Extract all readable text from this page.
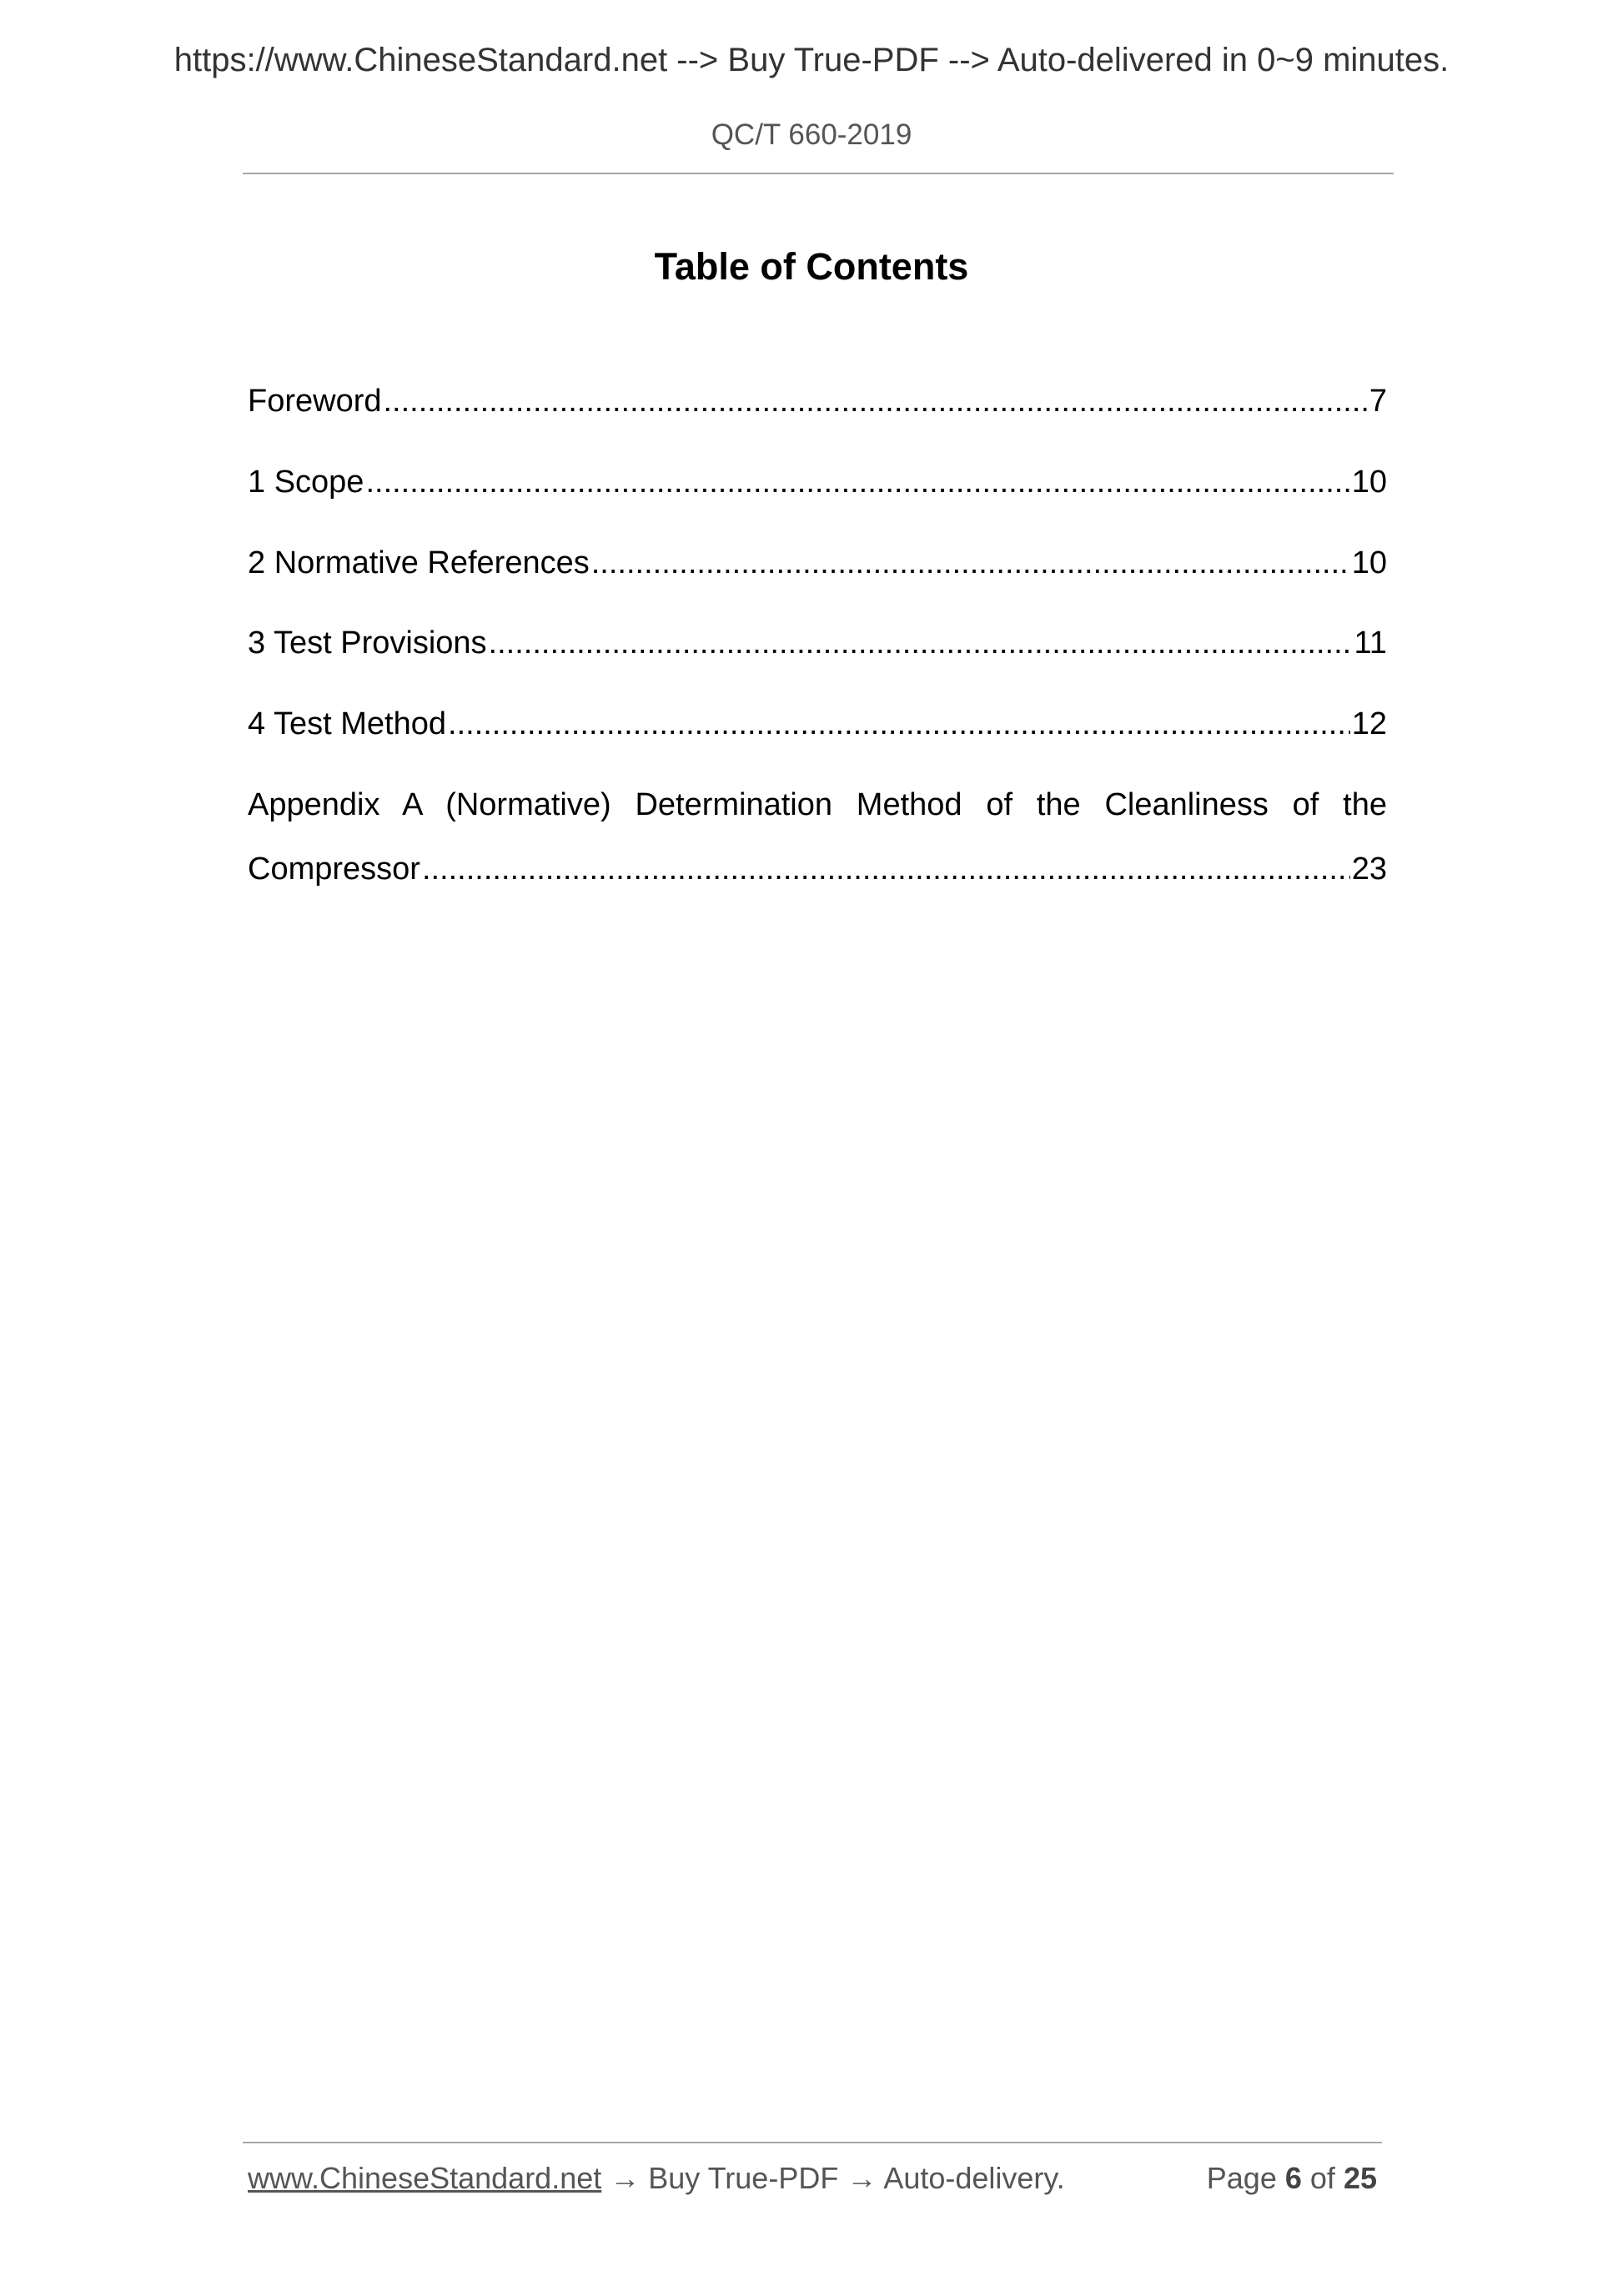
https://www.ChineseStandard.net --> Buy True-PDF --> Auto-delivered in 0~9 minutes.
QC/T 660-2019
Table of Contents
Foreword .....	7
1 Scope .....	10
2 Normative References .....	10
3 Test Provisions .....	11
4 Test Method .....	12
Appendix A (Normative) Determination Method of the Cleanliness of the
Compressor .....	23
www.ChineseStandard.net → Buy True-PDF → Auto-delivery.	Page 6 of 25
